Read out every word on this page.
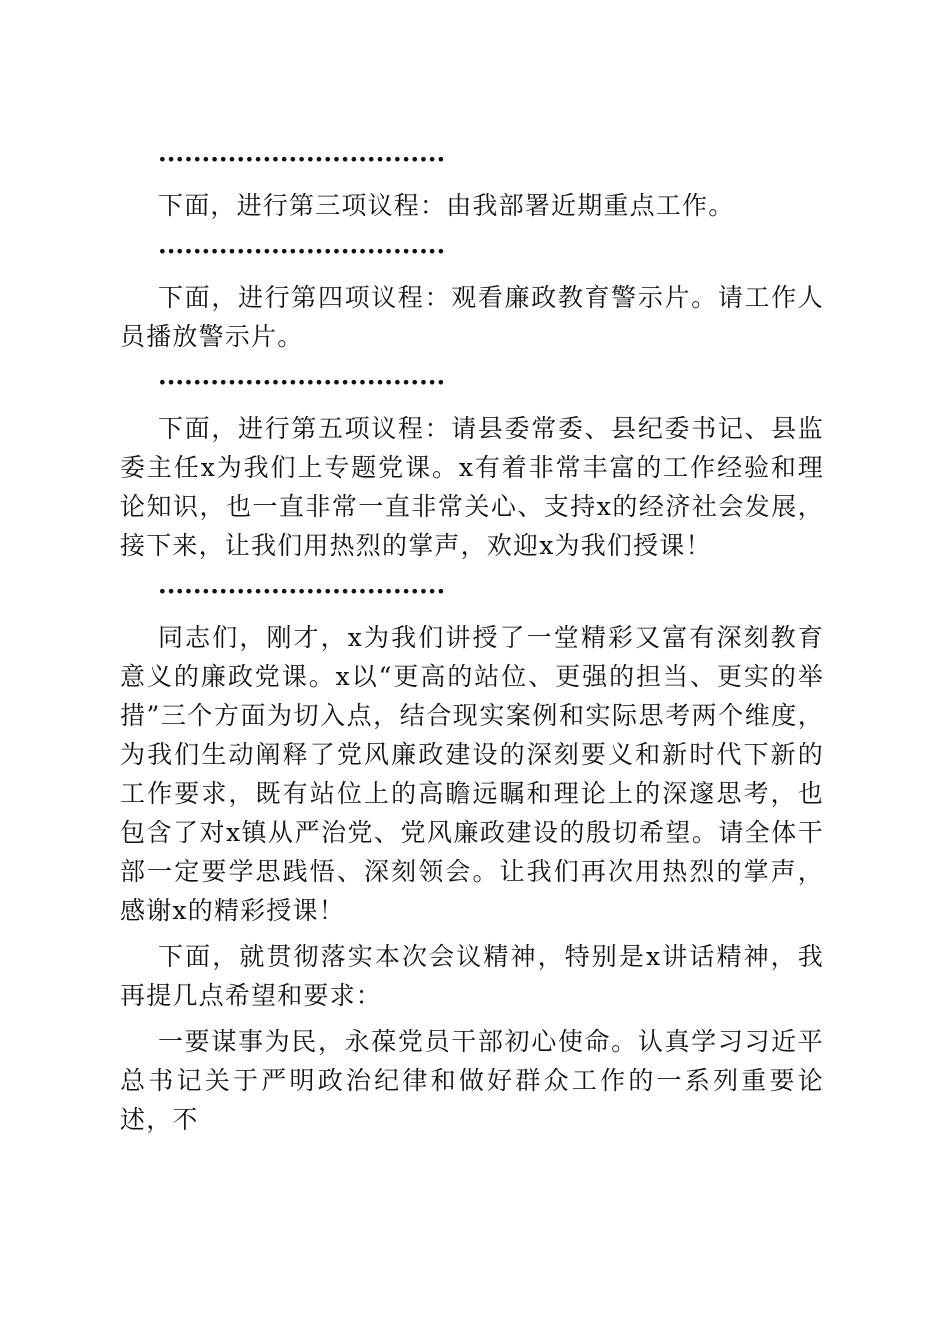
·································

下面，进行第三项议程：由我部署近期重点工作。

·································

下面，进行第四项议程：观看廉政教育警示片。请工作人员播放警示片。

·································

下面，进行第五项议程：请县委常委、县纪委书记、县监委主任x为我们上专题党课。x有着非常丰富的工作经验和理论知识，也一直非常一直非常关心、支持x的经济社会发展，接下来，让我们用热烈的掌声，欢迎x为我们授课！

·································

同志们，刚才，x为我们讲授了一堂精彩又富有深刻教育意义的廉政党课。x以“更高的站位、更强的担当、更实的举措”三个方面为切入点，结合现实案例和实际思考两个维度，为我们生动阐释了党风廉政建设的深刻要义和新时代下新的工作要求，既有站位上的高瞻远瞩和理论上的深邃思考，也包含了对x镇从严治党、党风廉政建设的殷切希望。请全体干部一定要学思践悟、深刻领会。让我们再次用热烈的掌声，感谢x的精彩授课！

下面，就贯彻落实本次会议精神，特别是x讲话精神，我再提几点希望和要求：

一要谋事为民，永葆党员干部初心使命。认真学习习近平总书记关于严明政治纪律和做好群众工作的一系列重要论述，不
